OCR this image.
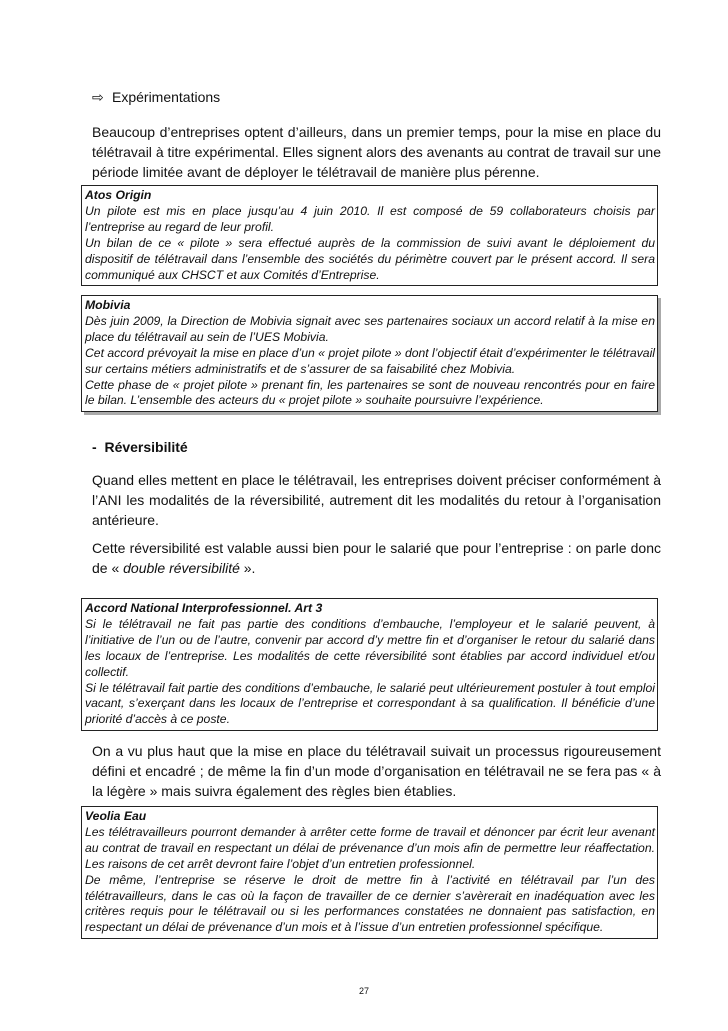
⇨ Expérimentations
Beaucoup d’entreprises optent d’ailleurs, dans un premier temps, pour la mise en place du télétravail à titre expérimental. Elles signent alors des avenants au contrat de travail sur une période limitée avant de déployer le télétravail de manière plus pérenne.
Atos Origin
Un pilote est mis en place jusqu’au 4 juin 2010. Il est composé de 59 collaborateurs choisis par l’entreprise au regard de leur profil.
Un bilan de ce « pilote » sera effectué auprès de la commission de suivi avant le déploiement du dispositif de télétravail dans l’ensemble des sociétés du périmètre couvert par le présent accord. Il sera communiqué aux CHSCT et aux Comités d’Entreprise.
Mobivia
Dès juin 2009, la Direction de Mobivia signait avec ses partenaires sociaux un accord relatif à la mise en place du télétravail au sein de l’UES Mobivia.
Cet accord prévoyait la mise en place d’un « projet pilote » dont l’objectif était d’expérimenter le télétravail sur certains métiers administratifs et de s’assurer de sa faisabilité chez Mobivia.
Cette phase de « projet pilote » prenant fin, les partenaires se sont de nouveau rencontrés pour en faire le bilan. L’ensemble des acteurs du « projet pilote » souhaite poursuivre l’expérience.
-  Réversibilité
Quand elles mettent en place le télétravail, les entreprises doivent préciser conformément à l’ANI les modalités de la réversibilité, autrement dit les modalités du retour à l’organisation antérieure.
Cette réversibilité est valable aussi bien pour le salarié que pour l’entreprise : on parle donc de « double réversibilité ».
Accord National Interprofessionnel. Art 3
Si le télétravail ne fait pas partie des conditions d’embauche, l’employeur et le salarié peuvent, à l’initiative de l’un ou de l’autre, convenir par accord d’y mettre fin et d’organiser le retour du salarié dans les locaux de l’entreprise. Les modalités de cette réversibilité sont établies par accord individuel et/ou collectif.
Si le télétravail fait partie des conditions d’embauche, le salarié peut ultérieurement postuler à tout emploi vacant, s’exerçant dans les locaux de l’entreprise et correspondant à sa qualification. Il bénéficie d’une priorité d’accès à ce poste.
On a vu plus haut que la mise en place du télétravail suivait un processus rigoureusement défini et encadré ; de même la fin d’un mode d’organisation en télétravail ne se fera pas « à la légère » mais suivra également des règles bien établies.
Veolia Eau
Les télétravailleurs pourront demander à arrêter cette forme de travail et dénoncer par écrit leur avenant au contrat de travail en respectant un délai de prévenance d’un mois afin de permettre leur réaffectation. Les raisons de cet arrêt devront faire l’objet d’un entretien professionnel.
De même, l’entreprise se réserve le droit de mettre fin à l’activité en télétravail par l’un des télétravailleurs, dans le cas où la façon de travailler de ce dernier s’avèrerait en inadéquation avec les critères requis pour le télétravail ou si les performances constatées ne donnaient pas satisfaction, en respectant un délai de prévenance d’un mois et à l’issue d’un entretien professionnel spécifique.
27
